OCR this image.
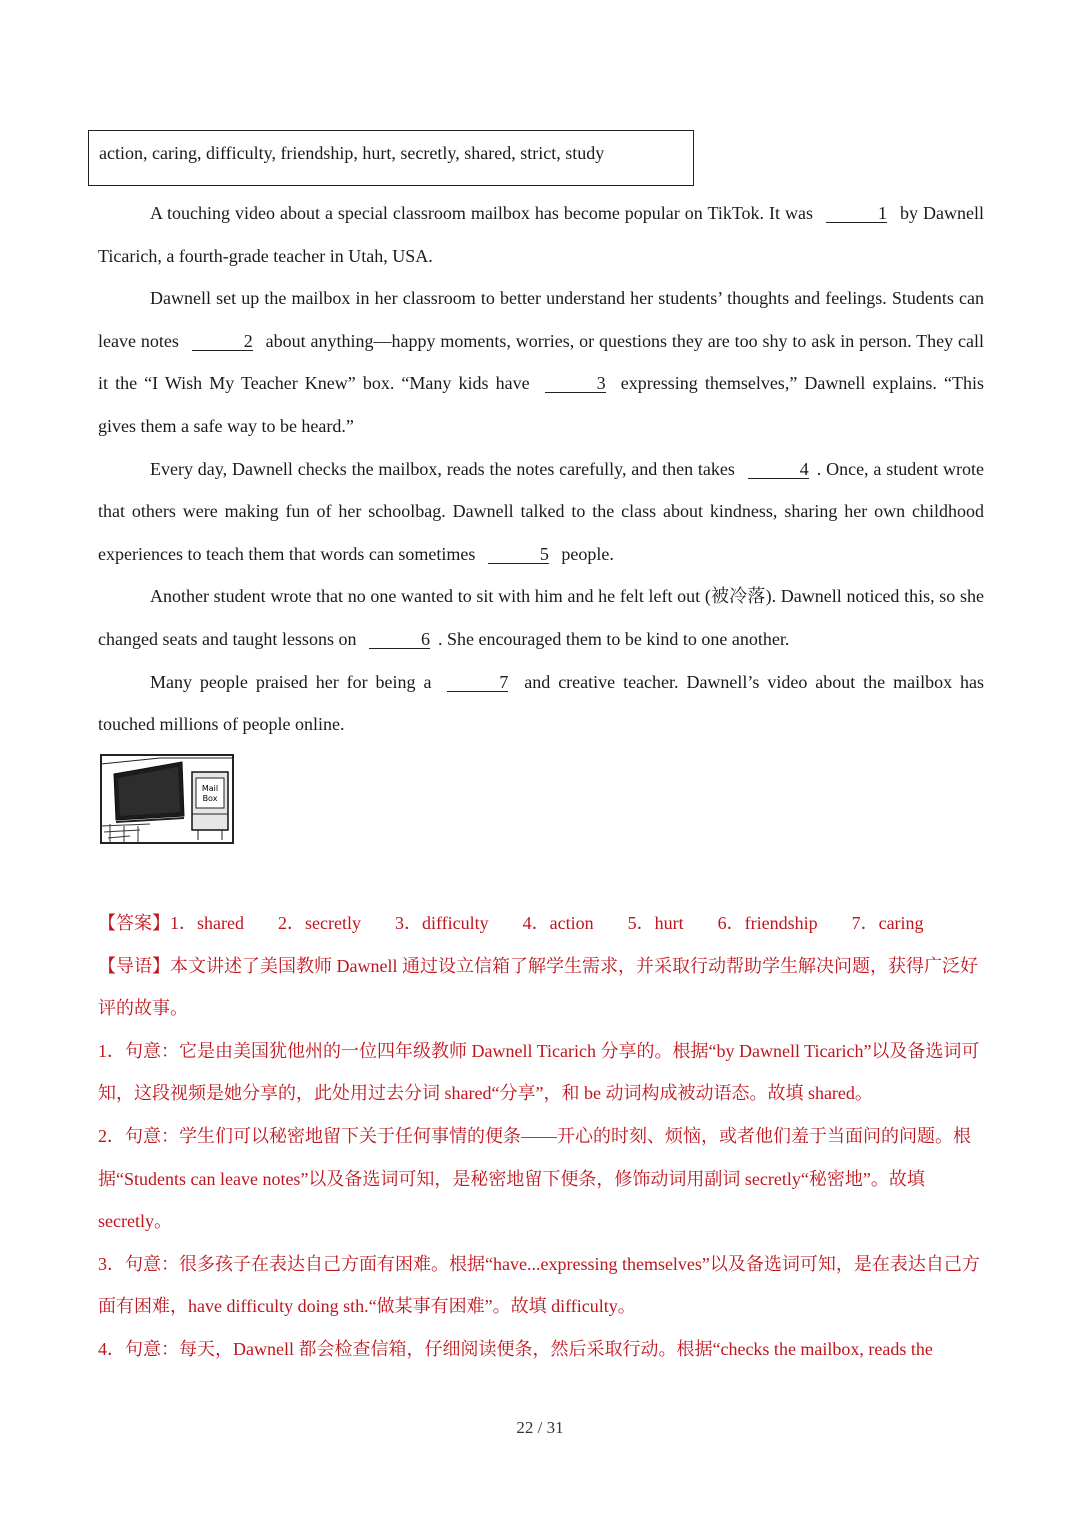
action, caring, difficulty, friendship, hurt, secretly, shared, strict, study

A touching video about a special classroom mailbox has become popular on TikTok. It was	1 by Dawnell Ticarich, a fourth-grade teacher in Utah, USA.

Dawnell set up the mailbox in her classroom to better understand her students’ thoughts and feelings. Students can leave notes	2 about anything—happy moments, worries, or questions they are too shy to ask in person. They call it the “I Wish My Teacher Knew” box. “Many kids have	3 expressing themselves,” Dawnell explains. “This gives them a safe way to be heard.”

Every day, Dawnell checks the mailbox, reads the notes carefully, and then takes	4 . Once, a student wrote that others were making fun of her schoolbag. Dawnell talked to the class about kindness, sharing her own childhood experiences to teach them that words can sometimes	5 people.

Another student wrote that no one wanted to sit with him and he felt left out (被冷落). Dawnell noticed this, so she changed seats and taught lessons on	6 . She encouraged them to be kind to one another.

Many people praised her for being a	7 and creative teacher. Dawnell’s video about the mailbox has touched millions of people online.

Mail
Box

【答案】 1．shared 2．secretly 3．difficulty 4．action 5．hurt 6．friendship 7．caring

【导语】本文讲述了美国教师 Dawnell 通过设立信箱了解学生需求，并采取行动帮助学生解决问题，获得广泛好评的故事。

1．句意：它是由美国犹他州的一位四年级教师 Dawnell Ticarich 分享的。根据“by Dawnell Ticarich”以及备选词可知，这段视频是她分享的，此处用过去分词 shared“分享”，和 be 动词构成被动语态。故填 shared。

2．句意：学生们可以秘密地留下关于任何事情的便条——开心的时刻、烦恼，或者他们羞于当面问的问题。根据“Students can leave notes”以及备选词可知，是秘密地留下便条，修饰动词用副词 secretly“秘密地”。故填 secretly。

3．句意：很多孩子在表达自己方面有困难。根据“have...expressing themselves”以及备选词可知，是在表达自己方面有困难，have difficulty doing sth.“做某事有困难”。故填 difficulty。

4．句意：每天，Dawnell 都会检查信箱，仔细阅读便条，然后采取行动。根据“checks the mailbox, reads the

22 / 31
